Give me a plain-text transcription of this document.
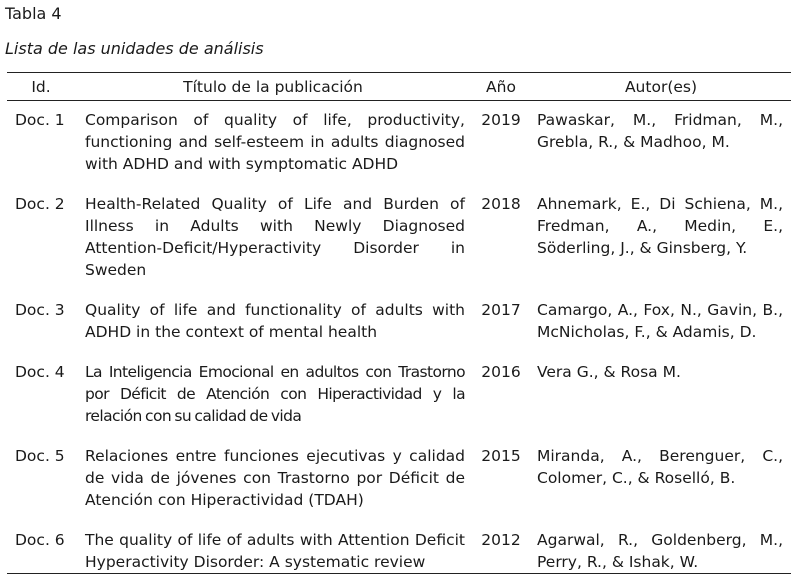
Tabla 4
Lista de las unidades de análisis
Id.	Título de la publicación	Año	Autor(es)
Doc. 1	Comparison of quality of life, productivity, functioning and self-esteem in adults diagnosed with ADHD and with symptomatic ADHD	2019	Pawaskar, M., Fridman, M., Grebla, R., & Madhoo, M.
Doc. 2	Health-Related Quality of Life and Burden of Illness in Adults with Newly Diagnosed Attention-Deficit/Hyperactivity Disorder in Sweden	2018	Ahnemark, E., Di Schiena, M., Fredman, A., Medin, E., Söderling, J., & Ginsberg, Y.
Doc. 3	Quality of life and functionality of adults with ADHD in the context of mental health	2017	Camargo, A., Fox, N., Gavin, B., McNicholas, F., & Adamis, D.
Doc. 4	La Inteligencia Emocional en adultos con Trastorno por Déficit de Atención con Hiperactividad y la relación con su calidad de vida	2016	Vera G., & Rosa M.
Doc. 5	Relaciones entre funciones ejecutivas y calidad de vida de jóvenes con Trastorno por Déficit de Atención con Hiperactividad (TDAH)	2015	Miranda, A., Berenguer, C., Colomer, C., & Roselló, B.
Doc. 6	The quality of life of adults with Attention Deficit Hyperactivity Disorder: A systematic review	2012	Agarwal, R., Goldenberg, M., Perry, R., & Ishak, W.
